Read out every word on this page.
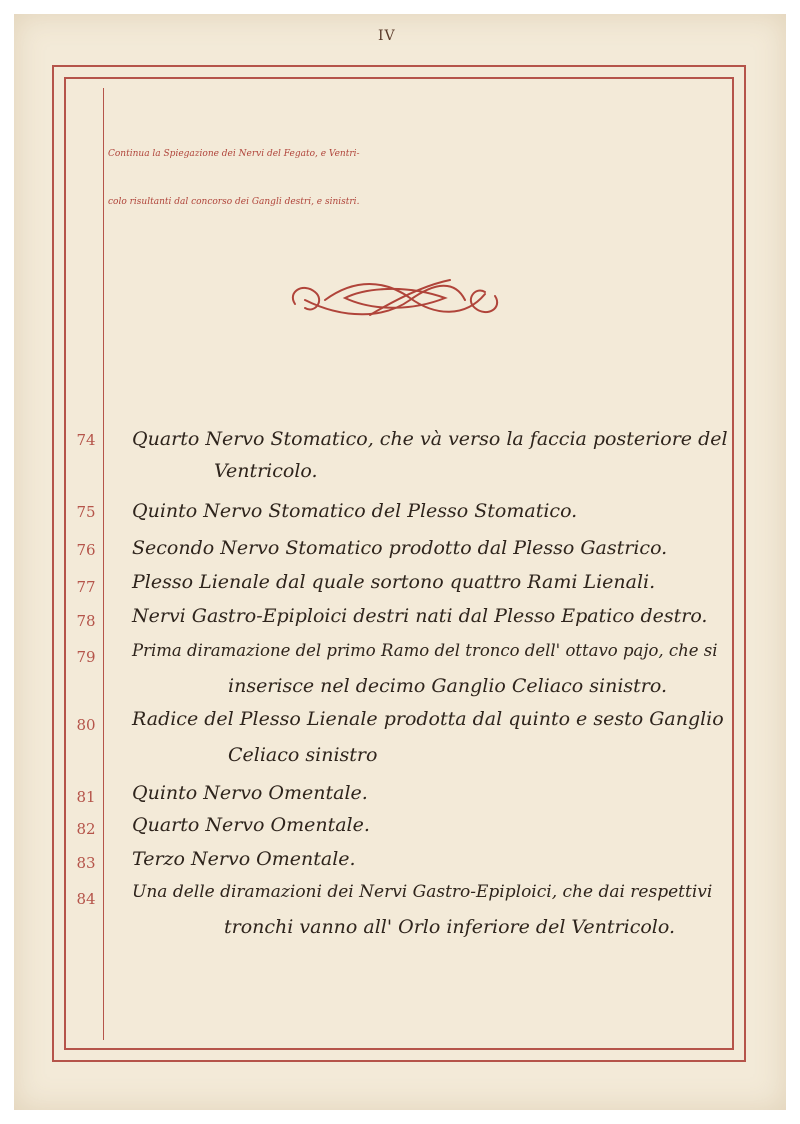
IV
Continua la Spiegazione dei Nervi del Fegato, e Ventri-
colo risultanti dal concorso dei Gangli destri, e sinistri.
74	Quarto Nervo Stomatico, che và verso la faccia posteriore del
Ventricolo.
75	Quinto Nervo Stomatico del Plesso Stomatico.
76	Secondo Nervo Stomatico prodotto dal Plesso Gastrico.
77	Plesso Lienale dal quale sortono quattro Rami Lienali.
78	Nervi Gastro-Epiploici destri nati dal Plesso Epatico destro.
79	Prima diramazione del primo Ramo del tronco dell' ottavo pajo, che si
inserisce nel decimo Ganglio Celiaco sinistro.
80	Radice del Plesso Lienale prodotta dal quinto e sesto Ganglio
Celiaco sinistro
81	Quinto Nervo Omentale.
82	Quarto Nervo Omentale.
83	Terzo Nervo Omentale.
84	Una delle diramazioni dei Nervi Gastro-Epiploici, che dai respettivi
tronchi vanno all' Orlo inferiore del Ventricolo.
